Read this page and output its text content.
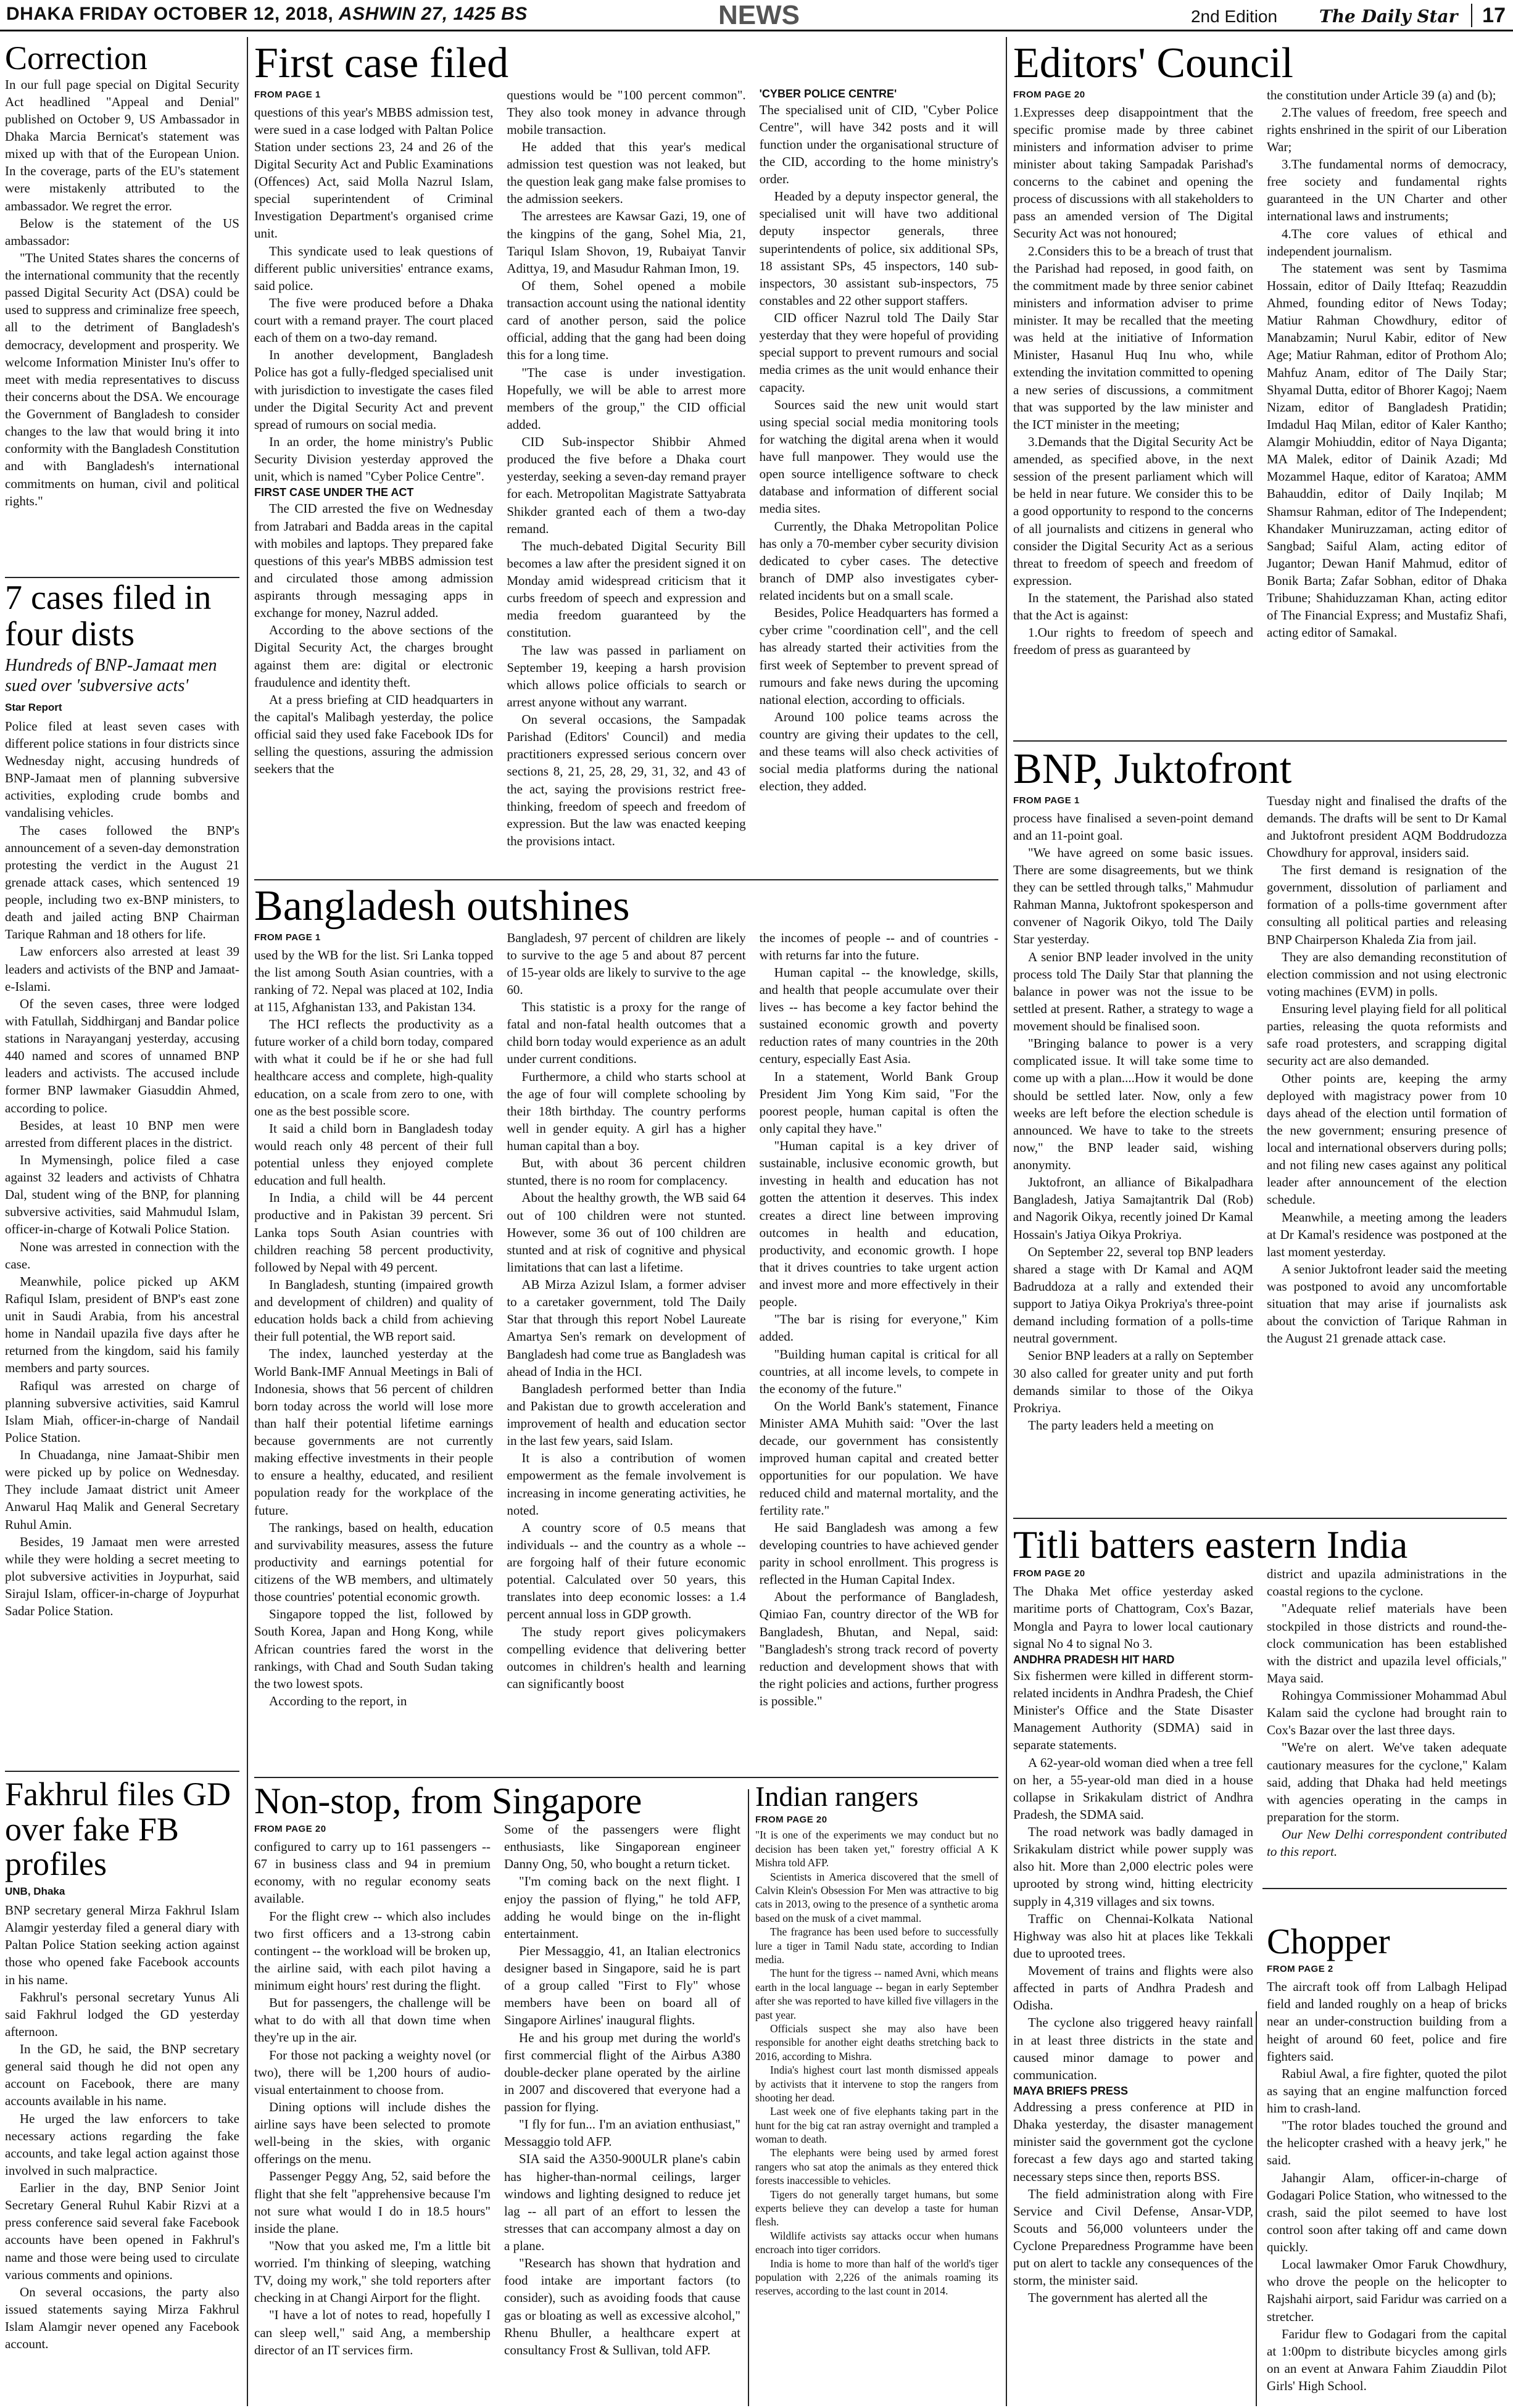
DHAKA FRIDAY OCTOBER 12, 2018, ASHWIN 27, 1425 BS	NEWS	2nd Edition The Daily Star 17
Correction

In our full page special on Digital Security Act headlined "Appeal and Denial" published on October 9, US Ambassador in Dhaka Marcia Bernicat's statement was mixed up with that of the European Union. In the coverage, parts of the EU's statement were mistakenly attributed to the ambassador. We regret the error.

Below is the statement of the US ambassador:

"The United States shares the concerns of the international community that the recently passed Digital Security Act (DSA) could be used to suppress and criminalize free speech, all to the detriment of Bangladesh's democracy, development and prosperity. We welcome Information Minister Inu's offer to meet with media representatives to discuss their concerns about the DSA. We encourage the Government of Bangladesh to consider changes to the law that would bring it into conformity with the Bangladesh Constitution and with Bangladesh's international commitments on human, civil and political rights."

7 cases filed in four dists
Hundreds of BNP-Jamaat men sued over 'subversive acts'
Star Report

Police filed at least seven cases with different police stations in four districts since Wednesday night, accusing hundreds of BNP-Jamaat men of planning subversive activities, exploding crude bombs and vandalising vehicles.

The cases followed the BNP's announcement of a seven-day demonstration protesting the verdict in the August 21 grenade attack cases, which sentenced 19 people, including two ex-BNP ministers, to death and jailed acting BNP Chairman Tarique Rahman and 18 others for life.

Law enforcers also arrested at least 39 leaders and activists of the BNP and Jamaat-e-Islami.

Of the seven cases, three were lodged with Fatullah, Siddhirganj and Bandar police stations in Narayanganj yesterday, accusing 440 named and scores of unnamed BNP leaders and activists. The accused include former BNP lawmaker Giasuddin Ahmed, according to police.

Besides, at least 10 BNP men were arrested from different places in the district.

In Mymensingh, police filed a case against 32 leaders and activists of Chhatra Dal, student wing of the BNP, for planning subversive activities, said Mahmudul Islam, officer-in-charge of Kotwali Police Station.

None was arrested in connection with the case.

Meanwhile, police picked up AKM Rafiqul Islam, president of BNP's east zone unit in Saudi Arabia, from his ancestral home in Nandail upazila five days after he returned from the kingdom, said his family members and party sources.

Rafiqul was arrested on charge of planning subversive activities, said Kamrul Islam Miah, officer-in-charge of Nandail Police Station.

In Chuadanga, nine Jamaat-Shibir men were picked up by police on Wednesday. They include Jamaat district unit Ameer Anwarul Haq Malik and General Secretary Ruhul Amin.

Besides, 19 Jamaat men were arrested while they were holding a secret meeting to plot subversive activities in Joypurhat, said Sirajul Islam, officer-in-charge of Joypurhat Sadar Police Station.

Fakhrul files GD over fake FB profiles
UNB, Dhaka

BNP secretary general Mirza Fakhrul Islam Alamgir yesterday filed a general diary with Paltan Police Station seeking action against those who opened fake Facebook accounts in his name.

Fakhrul's personal secretary Yunus Ali said Fakhrul lodged the GD yesterday afternoon.

In the GD, he said, the BNP secretary general said though he did not open any account on Facebook, there are many accounts available in his name.

He urged the law enforcers to take necessary actions regarding the fake accounts, and take legal action against those involved in such malpractice.

Earlier in the day, BNP Senior Joint Secretary General Ruhul Kabir Rizvi at a press conference said several fake Facebook accounts have been opened in Fakhrul's name and those were being used to circulate various comments and opinions.

On several occasions, the party also issued statements saying Mirza Fakhrul Islam Alamgir never opened any Facebook account.

First case filed
FROM PAGE 1

questions of this year's MBBS admission test, were sued in a case lodged with Paltan Police Station under sections 23, 24 and 26 of the Digital Security Act and Public Examinations (Offences) Act, said Molla Nazrul Islam, special superintendent of Criminal Investigation Department's organised crime unit.

This syndicate used to leak questions of different public universities' entrance exams, said police.

The five were produced before a Dhaka court with a remand prayer. The court placed each of them on a two-day remand.

In another development, Bangladesh Police has got a fully-fledged specialised unit with jurisdiction to investigate the cases filed under the Digital Security Act and prevent spread of rumours on social media.

In an order, the home ministry's Public Security Division yesterday approved the unit, which is named "Cyber Police Centre".

FIRST CASE UNDER THE ACT

The CID arrested the five on Wednesday from Jatrabari and Badda areas in the capital with mobiles and laptops. They prepared fake questions of this year's MBBS admission test and circulated those among admission aspirants through messaging apps in exchange for money, Nazrul added.

According to the above sections of the Digital Security Act, the charges brought against them are: digital or electronic fraudulence and identity theft.

At a press briefing at CID headquarters in the capital's Malibagh yesterday, the police official said they used fake Facebook IDs for selling the questions, assuring the admission seekers that the

questions would be "100 percent common". They also took money in advance through mobile transaction.

He added that this year's medical admission test question was not leaked, but the question leak gang make false promises to the admission seekers.

The arrestees are Kawsar Gazi, 19, one of the kingpins of the gang, Sohel Mia, 21, Tariqul Islam Shovon, 19, Rubaiyat Tanvir Adittya, 19, and Masudur Rahman Imon, 19.

Of them, Sohel opened a mobile transaction account using the national identity card of another person, said the police official, adding that the gang had been doing this for a long time.

"The case is under investigation. Hopefully, we will be able to arrest more members of the group," the CID official added.

CID Sub-inspector Shibbir Ahmed produced the five before a Dhaka court yesterday, seeking a seven-day remand prayer for each. Metropolitan Magistrate Sattyabrata Shikder granted each of them a two-day remand.

The much-debated Digital Security Bill becomes a law after the president signed it on Monday amid widespread criticism that it curbs freedom of speech and expression and media freedom guaranteed by the constitution.

The law was passed in parliament on September 19, keeping a harsh provision which allows police officials to search or arrest anyone without any warrant.

On several occasions, the Sampadak Parishad (Editors' Council) and media practitioners expressed serious concern over sections 8, 21, 25, 28, 29, 31, 32, and 43 of the act, saying the provisions restrict free-thinking, freedom of speech and freedom of expression. But the law was enacted keeping the provisions intact.

'CYBER POLICE CENTRE'

The specialised unit of CID, "Cyber Police Centre", will have 342 posts and it will function under the organisational structure of the CID, according to the home ministry's order.

Headed by a deputy inspector general, the specialised unit will have two additional deputy inspector generals, three superintendents of police, six additional SPs, 18 assistant SPs, 45 inspectors, 140 sub-inspectors, 30 assistant sub-inspectors, 75 constables and 22 other support staffers.

CID officer Nazrul told The Daily Star yesterday that they were hopeful of providing special support to prevent rumours and social media crimes as the unit would enhance their capacity.

Sources said the new unit would start using special social media monitoring tools for watching the digital arena when it would have full manpower. They would use the open source intelligence software to check database and information of different social media sites.

Currently, the Dhaka Metropolitan Police has only a 70-member cyber security division dedicated to cyber cases. The detective branch of DMP also investigates cyber-related incidents but on a small scale.

Besides, Police Headquarters has formed a cyber crime "coordination cell", and the cell has already started their activities from the first week of September to prevent spread of rumours and fake news during the upcoming national election, according to officials.

Around 100 police teams across the country are giving their updates to the cell, and these teams will also check activities of social media platforms during the national election, they added.

Bangladesh outshines
FROM PAGE 1

used by the WB for the list. Sri Lanka topped the list among South Asian countries, with a ranking of 72. Nepal was placed at 102, India at 115, Afghanistan 133, and Pakistan 134.

The HCI reflects the productivity as a future worker of a child born today, compared with what it could be if he or she had full healthcare access and complete, high-quality education, on a scale from zero to one, with one as the best possible score.

It said a child born in Bangladesh today would reach only 48 percent of their full potential unless they enjoyed complete education and full health.

In India, a child will be 44 percent productive and in Pakistan 39 percent. Sri Lanka tops South Asian countries with children reaching 58 percent productivity, followed by Nepal with 49 percent.

In Bangladesh, stunting (impaired growth and development of children) and quality of education holds back a child from achieving their full potential, the WB report said.

The index, launched yesterday at the World Bank-IMF Annual Meetings in Bali of Indonesia, shows that 56 percent of children born today across the world will lose more than half their potential lifetime earnings because governments are not currently making effective investments in their people to ensure a healthy, educated, and resilient population ready for the workplace of the future.

The rankings, based on health, education and survivability measures, assess the future productivity and earnings potential for citizens of the WB members, and ultimately those countries' potential economic growth.

Singapore topped the list, followed by South Korea, Japan and Hong Kong, while African countries fared the worst in the rankings, with Chad and South Sudan taking the two lowest spots.

According to the report, in

Bangladesh, 97 percent of children are likely to survive to the age 5 and about 87 percent of 15-year olds are likely to survive to the age 60.

This statistic is a proxy for the range of fatal and non-fatal health outcomes that a child born today would experience as an adult under current conditions.

Furthermore, a child who starts school at the age of four will complete schooling by their 18th birthday. The country performs well in gender equity. A girl has a higher human capital than a boy.

But, with about 36 percent children stunted, there is no room for complacency.

About the healthy growth, the WB said 64 out of 100 children were not stunted. However, some 36 out of 100 children are stunted and at risk of cognitive and physical limitations that can last a lifetime.

AB Mirza Azizul Islam, a former adviser to a caretaker government, told The Daily Star that through this report Nobel Laureate Amartya Sen's remark on development of Bangladesh had come true as Bangladesh was ahead of India in the HCI.

Bangladesh performed better than India and Pakistan due to growth acceleration and improvement of health and education sector in the last few years, said Islam.

It is also a contribution of women empowerment as the female involvement is increasing in income generating activities, he noted.

A country score of 0.5 means that individuals -- and the country as a whole -- are forgoing half of their future economic potential. Calculated over 50 years, this translates into deep economic losses: a 1.4 percent annual loss in GDP growth.

The study report gives policymakers compelling evidence that delivering better outcomes in children's health and learning can significantly boost

the incomes of people -- and of countries - with returns far into the future.

Human capital -- the knowledge, skills, and health that people accumulate over their lives -- has become a key factor behind the sustained economic growth and poverty reduction rates of many countries in the 20th century, especially East Asia.

In a statement, World Bank Group President Jim Yong Kim said, "For the poorest people, human capital is often the only capital they have."

"Human capital is a key driver of sustainable, inclusive economic growth, but investing in health and education has not gotten the attention it deserves. This index creates a direct line between improving outcomes in health and education, productivity, and economic growth. I hope that it drives countries to take urgent action and invest more and more effectively in their people.

"The bar is rising for everyone," Kim added.

"Building human capital is critical for all countries, at all income levels, to compete in the economy of the future."

On the World Bank's statement, Finance Minister AMA Muhith said: "Over the last decade, our government has consistently improved human capital and created better opportunities for our population. We have reduced child and maternal mortality, and the fertility rate."

He said Bangladesh was among a few developing countries to have achieved gender parity in school enrollment. This progress is reflected in the Human Capital Index.

About the performance of Bangladesh, Qimiao Fan, country director of the WB for Bangladesh, Bhutan, and Nepal, said: "Bangladesh's strong track record of poverty reduction and development shows that with the right policies and actions, further progress is possible."

Non-stop, from Singapore
FROM PAGE 20

configured to carry up to 161 passengers -- 67 in business class and 94 in premium economy, with no regular economy seats available.

For the flight crew -- which also includes two first officers and a 13-strong cabin contingent -- the workload will be broken up, the airline said, with each pilot having a minimum eight hours' rest during the flight.

But for passengers, the challenge will be what to do with all that down time when they're up in the air.

For those not packing a weighty novel (or two), there will be 1,200 hours of audio-visual entertainment to choose from.

Dining options will include dishes the airline says have been selected to promote well-being in the skies, with organic offerings on the menu.

Passenger Peggy Ang, 52, said before the flight that she felt "apprehensive because I'm not sure what would I do in 18.5 hours" inside the plane.

"Now that you asked me, I'm a little bit worried. I'm thinking of sleeping, watching TV, doing my work," she told reporters after checking in at Changi Airport for the flight.

"I have a lot of notes to read, hopefully I can sleep well," said Ang, a membership director of an IT services firm.

Some of the passengers were flight enthusiasts, like Singaporean engineer Danny Ong, 50, who bought a return ticket.

"I'm coming back on the next flight. I enjoy the passion of flying," he told AFP, adding he would binge on the in-flight entertainment.

Pier Messaggio, 41, an Italian electronics designer based in Singapore, said he is part of a group called "First to Fly" whose members have been on board all of Singapore Airlines' inaugural flights.

He and his group met during the world's first commercial flight of the Airbus A380 double-decker plane operated by the airline in 2007 and discovered that everyone had a passion for flying.

"I fly for fun... I'm an aviation enthusiast," Messaggio told AFP.

SIA said the A350-900ULR plane's cabin has higher-than-normal ceilings, larger windows and lighting designed to reduce jet lag -- all part of an effort to lessen the stresses that can accompany almost a day on a plane.

"Research has shown that hydration and food intake are important factors (to consider), such as avoiding foods that cause gas or bloating as well as excessive alcohol," Rhenu Bhuller, a healthcare expert at consultancy Frost & Sullivan, told AFP.

Indian rangers
FROM PAGE 20

"It is one of the experiments we may conduct but no decision has been taken yet," forestry official A K Mishra told AFP.

Scientists in America discovered that the smell of Calvin Klein's Obsession For Men was attractive to big cats in 2013, owing to the presence of a synthetic aroma based on the musk of a civet mammal.

The fragrance has been used before to successfully lure a tiger in Tamil Nadu state, according to Indian media.

The hunt for the tigress -- named Avni, which means earth in the local language -- began in early September after she was reported to have killed five villagers in the past year.

Officials suspect she may also have been responsible for another eight deaths stretching back to 2016, according to Mishra.

India's highest court last month dismissed appeals by activists that it intervene to stop the rangers from shooting her dead.

Last week one of five elephants taking part in the hunt for the big cat ran astray overnight and trampled a woman to death.

The elephants were being used by armed forest rangers who sat atop the animals as they entered thick forests inaccessible to vehicles.

Tigers do not generally target humans, but some experts believe they can develop a taste for human flesh.

Wildlife activists say attacks occur when humans encroach into tiger corridors.

India is home to more than half of the world's tiger population with 2,226 of the animals roaming its reserves, according to the last count in 2014.

Editors' Council
FROM PAGE 20

1.Expresses deep disappointment that the specific promise made by three cabinet ministers and information adviser to prime minister about taking Sampadak Parishad's concerns to the cabinet and opening the process of discussions with all stakeholders to pass an amended version of The Digital Security Act was not honoured;

2.Considers this to be a breach of trust that the Parishad had reposed, in good faith, on the commitment made by three senior cabinet ministers and information adviser to prime minister. It may be recalled that the meeting was held at the initiative of Information Minister, Hasanul Huq Inu who, while extending the invitation committed to opening a new series of discussions, a commitment that was supported by the law minister and the ICT minister in the meeting;

3.Demands that the Digital Security Act be amended, as specified above, in the next session of the present parliament which will be held in near future. We consider this to be a good opportunity to respond to the concerns of all journalists and citizens in general who consider the Digital Security Act as a serious threat to freedom of speech and freedom of expression.

In the statement, the Parishad also stated that the Act is against:

1.Our rights to freedom of speech and freedom of press as guaranteed by

the constitution under Article 39 (a) and (b);

2.The values of freedom, free speech and rights enshrined in the spirit of our Liberation War;

3.The fundamental norms of democracy, free society and fundamental rights guaranteed in the UN Charter and other international laws and instruments;

4.The core values of ethical and independent journalism.

The statement was sent by Tasmima Hossain, editor of Daily Ittefaq; Reazuddin Ahmed, founding editor of News Today; Matiur Rahman Chowdhury, editor of Manabzamin; Nurul Kabir, editor of New Age; Matiur Rahman, editor of Prothom Alo; Mahfuz Anam, editor of The Daily Star; Shyamal Dutta, editor of Bhorer Kagoj; Naem Nizam, editor of Bangladesh Pratidin; Imdadul Haq Milan, editor of Kaler Kantho; Alamgir Mohiuddin, editor of Naya Diganta; MA Malek, editor of Dainik Azadi; Md Mozammel Haque, editor of Karatoa; AMM Bahauddin, editor of Daily Inqilab; M Shamsur Rahman, editor of The Independent; Khandaker Muniruzzaman, acting editor of Sangbad; Saiful Alam, acting editor of Jugantor; Dewan Hanif Mahmud, editor of Bonik Barta; Zafar Sobhan, editor of Dhaka Tribune; Shahiduzzaman Khan, acting editor of The Financial Express; and Mustafiz Shafi, acting editor of Samakal.

BNP, Juktofront
FROM PAGE 1

process have finalised a seven-point demand and an 11-point goal.

"We have agreed on some basic issues. There are some disagreements, but we think they can be settled through talks," Mahmudur Rahman Manna, Juktofront spokesperson and convener of Nagorik Oikyo, told The Daily Star yesterday.

A senior BNP leader involved in the unity process told The Daily Star that planning the balance in power was not the issue to be settled at present. Rather, a strategy to wage a movement should be finalised soon.

"Bringing balance to power is a very complicated issue. It will take some time to come up with a plan....How it would be done should be settled later. Now, only a few weeks are left before the election schedule is announced. We have to take to the streets now," the BNP leader said, wishing anonymity.

Juktofront, an alliance of Bikalpadhara Bangladesh, Jatiya Samajtantrik Dal (Rob) and Nagorik Oikya, recently joined Dr Kamal Hossain's Jatiya Oikya Prokriya.

On September 22, several top BNP leaders shared a stage with Dr Kamal and AQM Badruddoza at a rally and extended their support to Jatiya Oikya Prokriya's three-point demand including formation of a polls-time neutral government.

Senior BNP leaders at a rally on September 30 also called for greater unity and put forth demands similar to those of the Oikya Prokriya.

The party leaders held a meeting on

Tuesday night and finalised the drafts of the demands. The drafts will be sent to Dr Kamal and Juktofront president AQM Boddrudozza Chowdhury for approval, insiders said.

The first demand is resignation of the government, dissolution of parliament and formation of a polls-time government after consulting all political parties and releasing BNP Chairperson Khaleda Zia from jail.

They are also demanding reconstitution of election commission and not using electronic voting machines (EVM) in polls.

Ensuring level playing field for all political parties, releasing the quota reformists and safe road protesters, and scrapping digital security act are also demanded.

Other points are, keeping the army deployed with magistracy power from 10 days ahead of the election until formation of the new government; ensuring presence of local and international observers during polls; and not filing new cases against any political leader after announcement of the election schedule.

Meanwhile, a meeting among the leaders at Dr Kamal's residence was postponed at the last moment yesterday.

A senior Juktofront leader said the meeting was postponed to avoid any uncomfortable situation that may arise if journalists ask about the conviction of Tarique Rahman in the August 21 grenade attack case.

Titli batters eastern India
FROM PAGE 20

The Dhaka Met office yesterday asked maritime ports of Chattogram, Cox's Bazar, Mongla and Payra to lower local cautionary signal No 4 to signal No 3.

ANDHRA PRADESH HIT HARD

Six fishermen were killed in different storm-related incidents in Andhra Pradesh, the Chief Minister's Office and the State Disaster Management Authority (SDMA) said in separate statements.

A 62-year-old woman died when a tree fell on her, a 55-year-old man died in a house collapse in Srikakulam district of Andhra Pradesh, the SDMA said.

The road network was badly damaged in Srikakulam district while power supply was also hit. More than 2,000 electric poles were uprooted by strong wind, hitting electricity supply in 4,319 villages and six towns.

Traffic on Chennai-Kolkata National Highway was also hit at places like Tekkali due to uprooted trees.

Movement of trains and flights were also affected in parts of Andhra Pradesh and Odisha.

The cyclone also triggered heavy rainfall in at least three districts in the state and caused minor damage to power and communication.

MAYA BRIEFS PRESS

Addressing a press conference at PID in Dhaka yesterday, the disaster management minister said the government got the cyclone forecast a few days ago and started taking necessary steps since then, reports BSS.

The field administration along with Fire Service and Civil Defense, Ansar-VDP, Scouts and 56,000 volunteers under the Cyclone Preparedness Programme have been put on alert to tackle any consequences of the storm, the minister said.

The government has alerted all the

district and upazila administrations in the coastal regions to the cyclone.

"Adequate relief materials have been stockpiled in those districts and round-the-clock communication has been established with the district and upazila level officials," Maya said.

Rohingya Commissioner Mohammad Abul Kalam said the cyclone had brought rain to Cox's Bazar over the last three days.

"We're on alert. We've taken adequate cautionary measures for the cyclone," Kalam said, adding that Dhaka had held meetings with agencies operating in the camps in preparation for the storm.

Our New Delhi correspondent contributed to this report.

Chopper
FROM PAGE 2

The aircraft took off from Lalbagh Helipad field and landed roughly on a heap of bricks near an under-construction building from a height of around 60 feet, police and fire fighters said.

Rabiul Awal, a fire fighter, quoted the pilot as saying that an engine malfunction forced him to crash-land.

"The rotor blades touched the ground and the helicopter crashed with a heavy jerk," he said.

Jahangir Alam, officer-in-charge of Godagari Police Station, who witnessed to the crash, said the pilot seemed to have lost control soon after taking off and came down quickly.

Local lawmaker Omor Faruk Chowdhury, who drove the people on the helicopter to Rajshahi airport, said Faridur was carried on a stretcher.

Faridur flew to Godagari from the capital at 1:00pm to distribute bicycles among girls on an event at Anwara Fahim Ziauddin Pilot Girls' High School.
